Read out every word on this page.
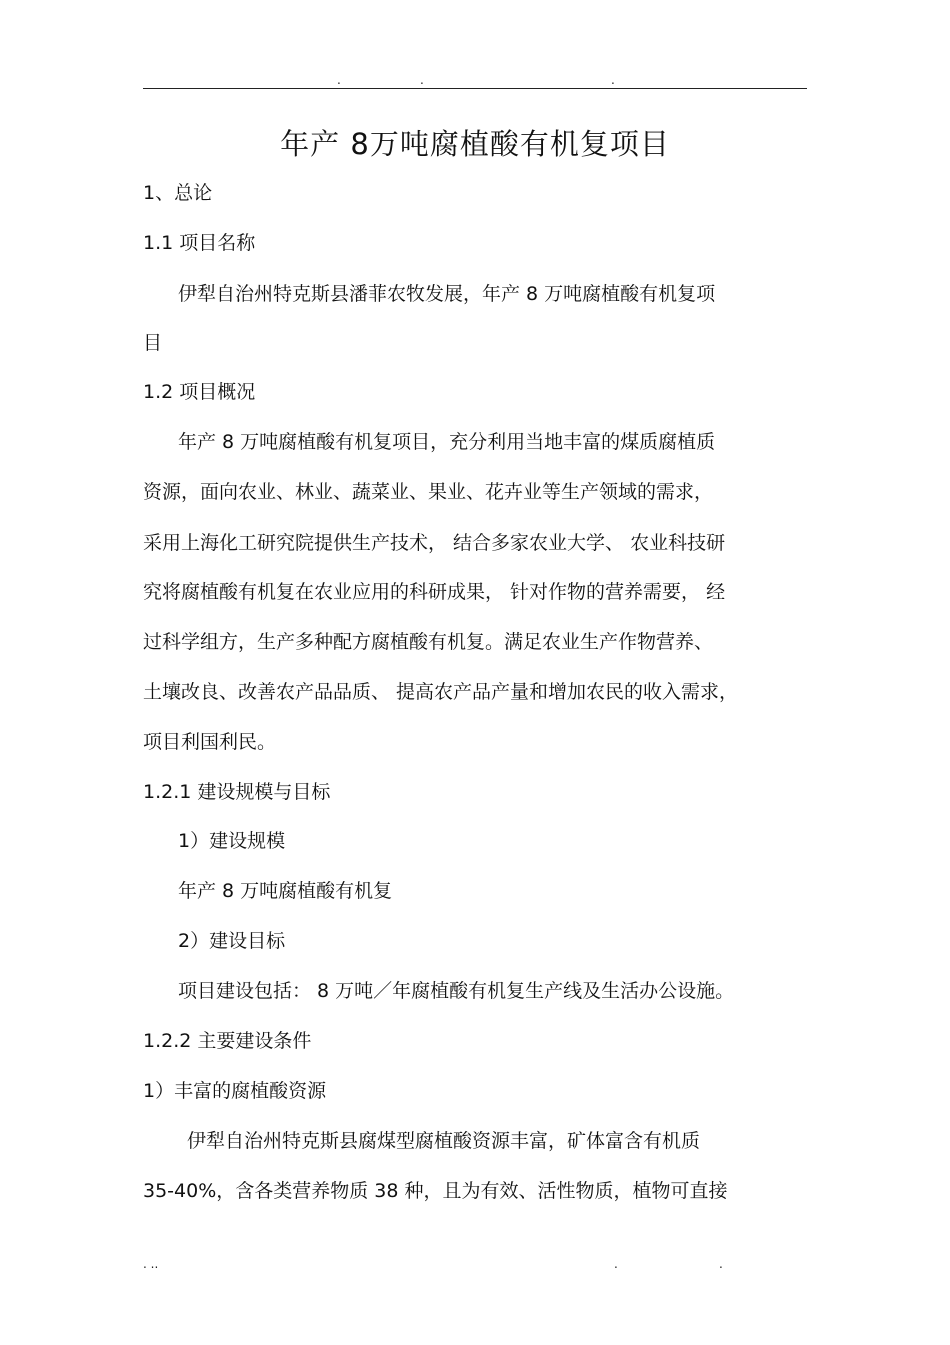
.	.	.
年产 8万吨腐植酸有机复项目
1、总论
1.1 项目名称
伊犁自治州特克斯县潘菲农牧发展，年产 8 万吨腐植酸有机复项
目
1.2 项目概况
年产 8 万吨腐植酸有机复项目，充分利用当地丰富的煤质腐植质
资源，面向农业、林业、蔬菜业、果业、花卉业等生产领域的需求，
采用上海化工研究院提供生产技术， 结合多家农业大学、 农业科技研
究将腐植酸有机复在农业应用的科研成果， 针对作物的营养需要， 经
过科学组方，生产多种配方腐植酸有机复。满足农业生产作物营养、
土壤改良、改善农产品品质、 提高农产品产量和增加农民的收入需求，
项目利国利民。
1.2.1 建设规模与目标
1）建设规模
年产 8 万吨腐植酸有机复
2）建设目标
项目建设包括： 8 万吨／年腐植酸有机复生产线及生活办公设施。
1.2.2 主要建设条件
1）丰富的腐植酸资源
伊犁自治州特克斯县腐煤型腐植酸资源丰富，矿体富含有机质
35-40%，含各类营养物质 38 种，且为有效、活性物质，植物可直接
. ..	.	.
